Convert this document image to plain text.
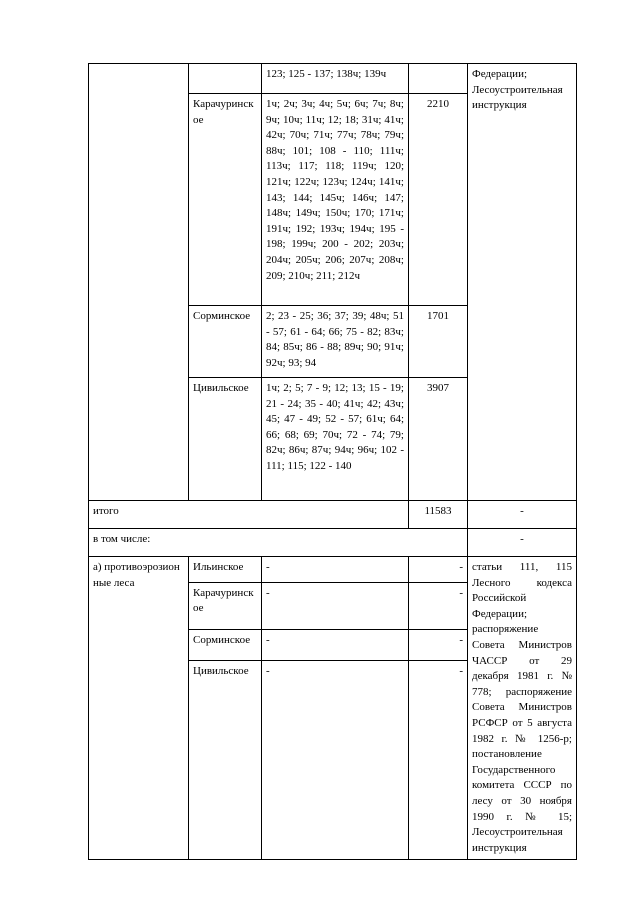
		123; 125 - 137; 138ч; 139ч		Федерации; Лесоустроительная инструкция
	Карачуринское	1ч; 2ч; 3ч; 4ч; 5ч; 6ч; 7ч; 8ч; 9ч; 10ч; 11ч; 12; 18; 31ч; 41ч; 42ч; 70ч; 71ч; 77ч; 78ч; 79ч; 88ч; 101; 108 - 110; 111ч; 113ч; 117; 118; 119ч; 120; 121ч; 122ч; 123ч; 124ч; 141ч; 143; 144; 145ч; 146ч; 147; 148ч; 149ч; 150ч; 170; 171ч; 191ч; 192; 193ч; 194ч; 195 - 198; 199ч; 200 - 202; 203ч; 204ч; 205ч; 206; 207ч; 208ч; 209; 210ч; 211; 212ч	2210	
	Сорминское	2; 23 - 25; 36; 37; 39; 48ч; 51 - 57; 61 - 64; 66; 75 - 82; 83ч; 84; 85ч; 86 - 88; 89ч; 90; 91ч; 92ч; 93; 94	1701	
	Цивильское	1ч; 2; 5; 7 - 9; 12; 13; 15 - 19; 21 - 24; 35 - 40; 41ч; 42; 43ч; 45; 47 - 49; 52 - 57; 61ч; 64; 66; 68; 69; 70ч; 72 - 74; 79; 82ч; 86ч; 87ч; 94ч; 96ч; 102 - 111; 115; 122 - 140	3907	
итого			11583	-
в том числе:				-
а) противоэрозионные леса	Ильинское	-	-	статьи 111, 115 Лесного кодекса Российской Федерации; распоряжение Совета Министров ЧАССР от 29 декабря 1981 г. № 778; распоряжение Совета Министров РСФСР от 5 августа 1982 г. № 1256-р; постановление Государственного комитета СССР по лесу от 30 ноября 1990 г. № 15; Лесоустроительная инструкция
	Карачуринское	-	-	
	Сорминское	-	-	
	Цивильское	-	-	
